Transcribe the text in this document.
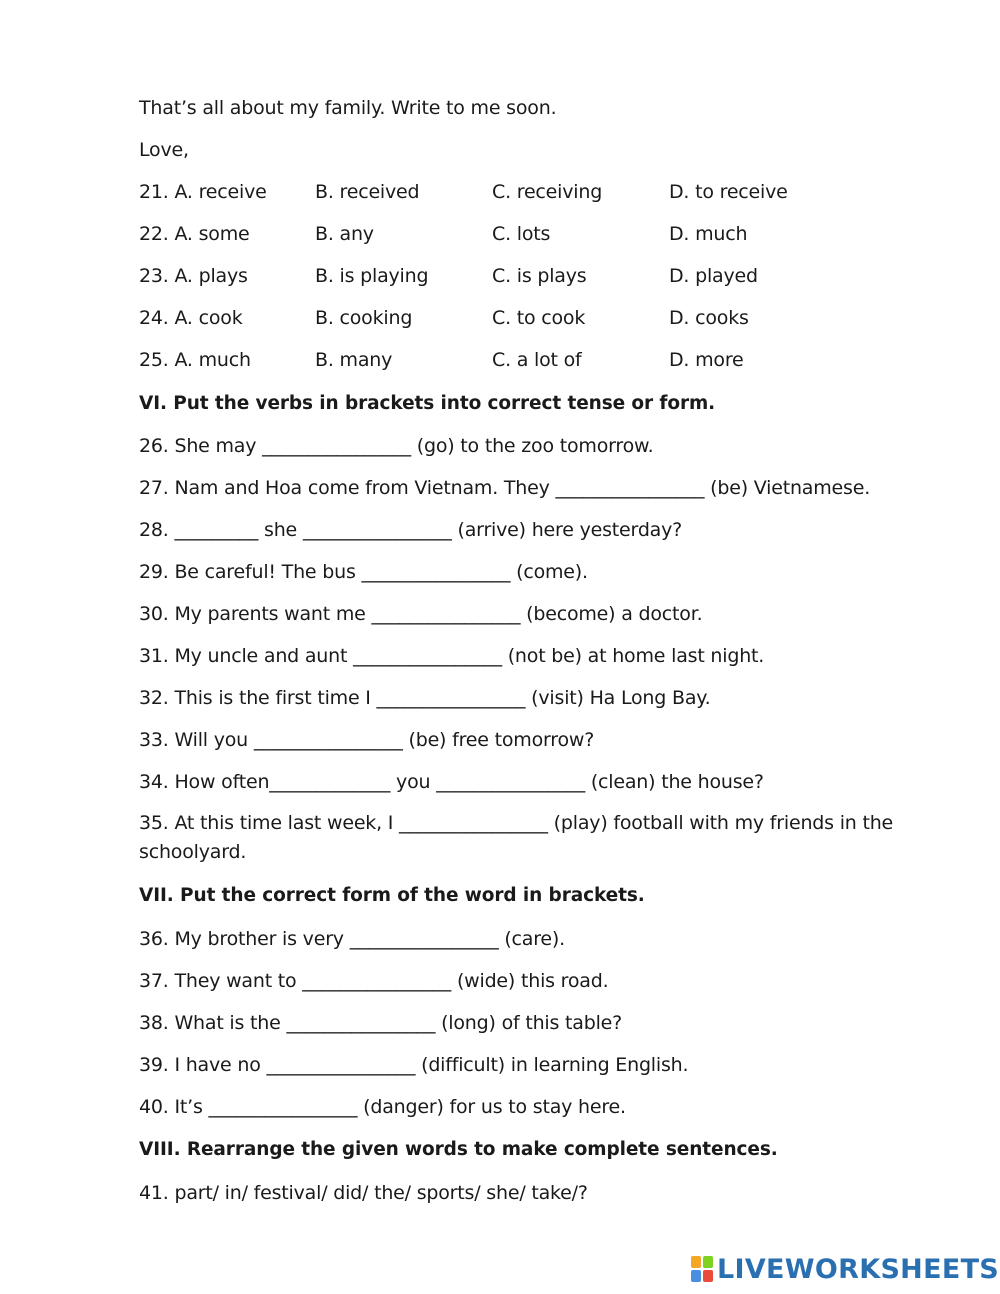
That’s all about my family. Write to me soon.
Love,
21. A. receive	B. received	C. receiving	D. to receive
22. A. some	B. any	C. lots	D. much
23. A. plays	B. is playing	C. is plays	D. played
24. A. cook	B. cooking	C. to cook	D. cooks
25. A. much	B. many	C. a lot of	D. more
VI. Put the verbs in brackets into correct tense or form.
26. She may ________________ (go) to the zoo tomorrow.
27. Nam and Hoa come from Vietnam. They ________________ (be) Vietnamese.
28. _________ she ________________ (arrive) here yesterday?
29. Be careful! The bus ________________ (come).
30. My parents want me ________________ (become) a doctor.
31. My uncle and aunt ________________ (not be) at home last night.
32. This is the first time I ________________ (visit) Ha Long Bay.
33. Will you ________________ (be) free tomorrow?
34. How often_____________ you ________________ (clean) the house?
35. At this time last week, I ________________ (play) football with my friends in the schoolyard.
VII. Put the correct form of the word in brackets.
36. My brother is very ________________ (care).
37. They want to ________________ (wide) this road.
38. What is the ________________ (long) of this table?
39. I have no ________________ (difficult) in learning English.
40. It’s ________________ (danger) for us to stay here.
VIII. Rearrange the given words to make complete sentences.
41. part/ in/ festival/ did/ the/ sports/ she/ take/?
LIVEWORKSHEETS
